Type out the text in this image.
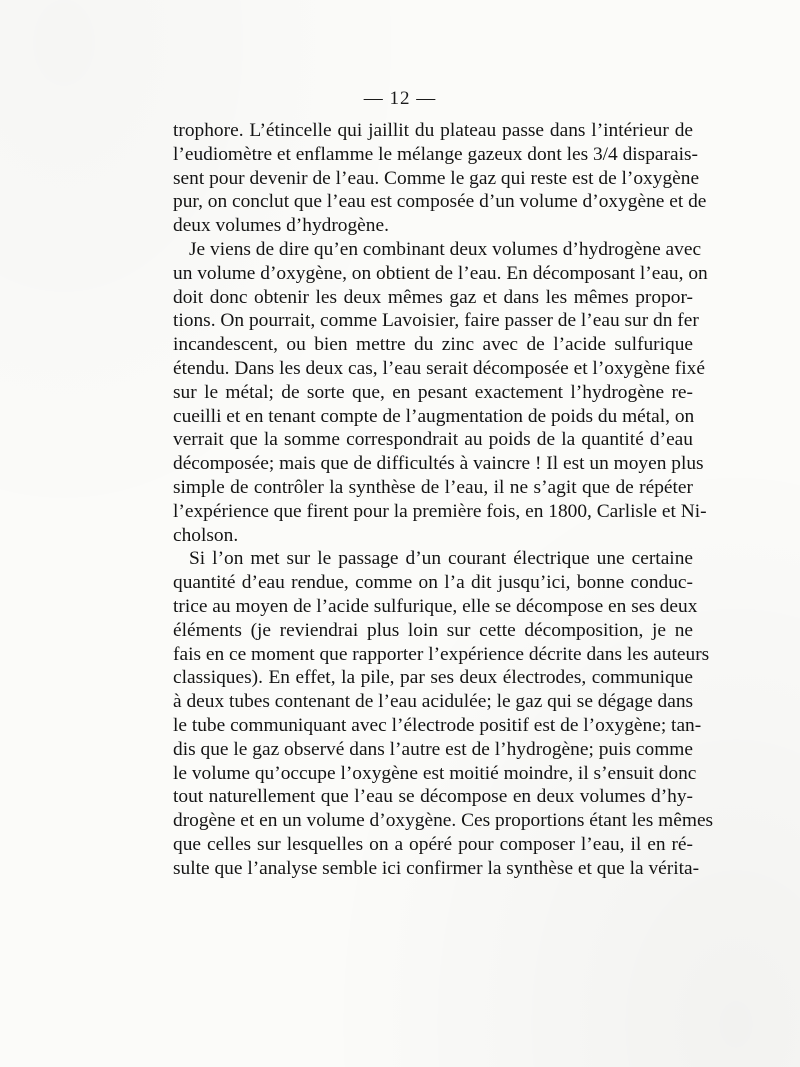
— 12 —
trophore. L’étincelle qui jaillit du plateau passe dans l’intérieur de
l’eudiomètre et enflamme le mélange gazeux dont les 3/4 disparais-
sent pour devenir de l’eau. Comme le gaz qui reste est de l’oxygène
pur, on conclut que l’eau est composée d’un volume d’oxygène et de
deux volumes d’hydrogène.
Je viens de dire qu’en combinant deux volumes d’hydrogène avec
un volume d’oxygène, on obtient de l’eau. En décomposant l’eau, on
doit donc obtenir les deux mêmes gaz et dans les mêmes propor-
tions. On pourrait, comme Lavoisier, faire passer de l’eau sur dn fer
incandescent, ou bien mettre du zinc avec de l’acide sulfurique
étendu. Dans les deux cas, l’eau serait décomposée et l’oxygène fixé
sur le métal; de sorte que, en pesant exactement l’hydrogène re-
cueilli et en tenant compte de l’augmentation de poids du métal, on
verrait que la somme correspondrait au poids de la quantité d’eau
décomposée; mais que de difficultés à vaincre ! Il est un moyen plus
simple de contrôler la synthèse de l’eau, il ne s’agit que de répéter
l’expérience que firent pour la première fois, en 1800, Carlisle et Ni-
cholson.
Si l’on met sur le passage d’un courant électrique une certaine
quantité d’eau rendue, comme on l’a dit jusqu’ici, bonne conduc-
trice au moyen de l’acide sulfurique, elle se décompose en ses deux
éléments (je reviendrai plus loin sur cette décomposition, je ne
fais en ce moment que rapporter l’expérience décrite dans les auteurs
classiques). En effet, la pile, par ses deux électrodes, communique
à deux tubes contenant de l’eau acidulée; le gaz qui se dégage dans
le tube communiquant avec l’électrode positif est de l’oxygène; tan-
dis que le gaz observé dans l’autre est de l’hydrogène; puis comme
le volume qu’occupe l’oxygène est moitié moindre, il s’ensuit donc
tout naturellement que l’eau se décompose en deux volumes d’hy-
drogène et en un volume d’oxygène. Ces proportions étant les mêmes
que celles sur lesquelles on a opéré pour composer l’eau, il en ré-
sulte que l’analyse semble ici confirmer la synthèse et que la vérita-
